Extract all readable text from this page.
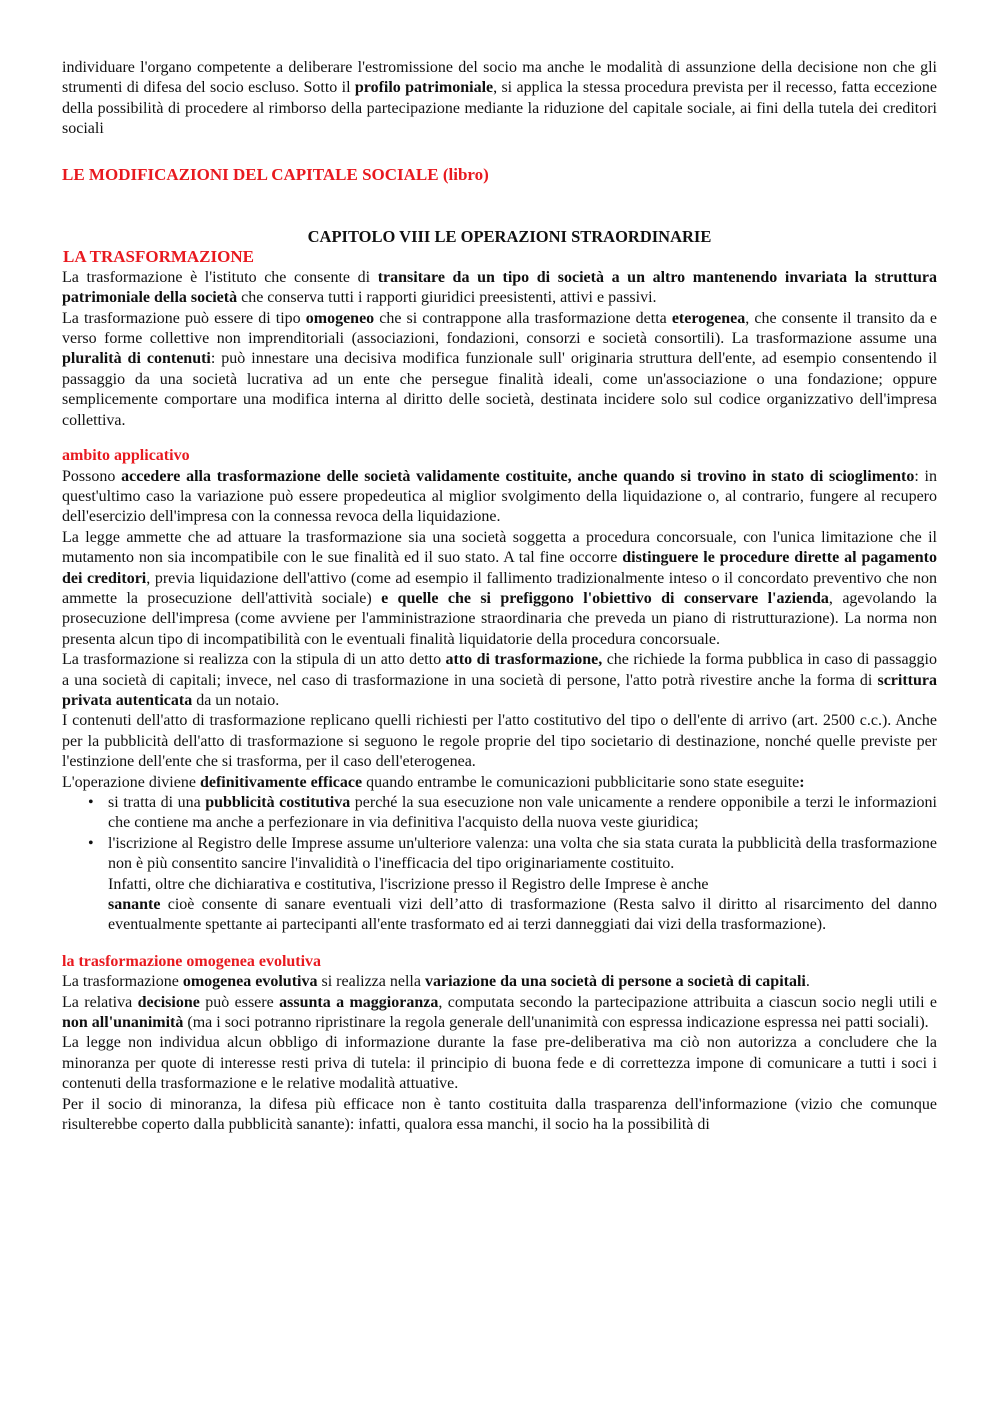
individuare l'organo competente a deliberare l'estromissione del socio ma anche le modalità di assunzione della decisione non che gli strumenti di difesa del socio escluso. Sotto il profilo patrimoniale, si applica la stessa procedura prevista per il recesso, fatta eccezione della possibilità di procedere al rimborso della partecipazione mediante la riduzione del capitale sociale, ai fini della tutela dei creditori sociali

LE MODIFICAZIONI DEL CAPITALE SOCIALE (libro)
CAPITOLO VIII LE OPERAZIONI STRAORDINARIE
LA TRASFORMAZIONE

La trasformazione è l'istituto che consente di transitare da un tipo di società a un altro mantenendo invariata la struttura patrimoniale della società che conserva tutti i rapporti giuridici preesistenti, attivi e passivi.

La trasformazione può essere di tipo omogeneo che si contrappone alla trasformazione detta eterogenea, che consente il transito da e verso forme collettive non imprenditoriali (associazioni, fondazioni, consorzi e società consortili). La trasformazione assume una pluralità di contenuti: può innestare una decisiva modifica funzionale sull' originaria struttura dell'ente, ad esempio consentendo il passaggio da una società lucrativa ad un ente che persegue finalità ideali, come un'associazione o una fondazione; oppure semplicemente comportare una modifica interna al diritto delle società, destinata incidere solo sul codice organizzativo dell'impresa collettiva.

ambito applicativo

Possono accedere alla trasformazione delle società validamente costituite, anche quando si trovino in stato di scioglimento: in quest'ultimo caso la variazione può essere propedeutica al miglior svolgimento della liquidazione o, al contrario, fungere al recupero dell'esercizio dell'impresa con la connessa revoca della liquidazione.

La legge ammette che ad attuare la trasformazione sia una società soggetta a procedura concorsuale, con l'unica limitazione che il mutamento non sia incompatibile con le sue finalità ed il suo stato. A tal fine occorre distinguere le procedure dirette al pagamento dei creditori, previa liquidazione dell'attivo (come ad esempio il fallimento tradizionalmente inteso o il concordato preventivo che non ammette la prosecuzione dell'attività sociale) e quelle che si prefiggono l'obiettivo di conservare l'azienda, agevolando la prosecuzione dell'impresa (come avviene per l'amministrazione straordinaria che preveda un piano di ristrutturazione). La norma non presenta alcun tipo di incompatibilità con le eventuali finalità liquidatorie della procedura concorsuale.

La trasformazione si realizza con la stipula di un atto detto atto di trasformazione, che richiede la forma pubblica in caso di passaggio a una società di capitali; invece, nel caso di trasformazione in una società di persone, l'atto potrà rivestire anche la forma di scrittura privata autenticata da un notaio.

I contenuti dell'atto di trasformazione replicano quelli richiesti per l'atto costitutivo del tipo o dell'ente di arrivo (art. 2500 c.c.). Anche per la pubblicità dell'atto di trasformazione si seguono le regole proprie del tipo societario di destinazione, nonché quelle previste per l'estinzione dell'ente che si trasforma, per il caso dell'eterogenea.

L'operazione diviene definitivamente efficace quando entrambe le comunicazioni pubblicitarie sono state eseguite:

• si tratta di una pubblicità costitutiva perché la sua esecuzione non vale unicamente a rendere opponibile a terzi le informazioni che contiene ma anche a perfezionare in via definitiva l'acquisto della nuova veste giuridica;
• l'iscrizione al Registro delle Imprese assume un'ulteriore valenza: una volta che sia stata curata la pubblicità della trasformazione non è più consentito sancire l'invalidità o l'inefficacia del tipo originariamente costituito.
Infatti, oltre che dichiarativa e costitutiva, l'iscrizione presso il Registro delle Imprese è anche
sanante cioè consente di sanare eventuali vizi dell’atto di trasformazione (Resta salvo il diritto al risarcimento del danno eventualmente spettante ai partecipanti all'ente trasformato ed ai terzi danneggiati dai vizi della trasformazione).
la trasformazione omogenea evolutiva

La trasformazione omogenea evolutiva si realizza nella variazione da una società di persone a società di capitali.

La relativa decisione può essere assunta a maggioranza, computata secondo la partecipazione attribuita a ciascun socio negli utili e non all'unanimità (ma i soci potranno ripristinare la regola generale dell'unanimità con espressa indicazione espressa nei patti sociali).

La legge non individua alcun obbligo di informazione durante la fase pre-deliberativa ma ciò non autorizza a concludere che la minoranza per quote di interesse resti priva di tutela: il principio di buona fede e di correttezza impone di comunicare a tutti i soci i contenuti della trasformazione e le relative modalità attuative.

Per il socio di minoranza, la difesa più efficace non è tanto costituita dalla trasparenza dell'informazione (vizio che comunque risulterebbe coperto dalla pubblicità sanante): infatti, qualora essa manchi, il socio ha la possibilità di
